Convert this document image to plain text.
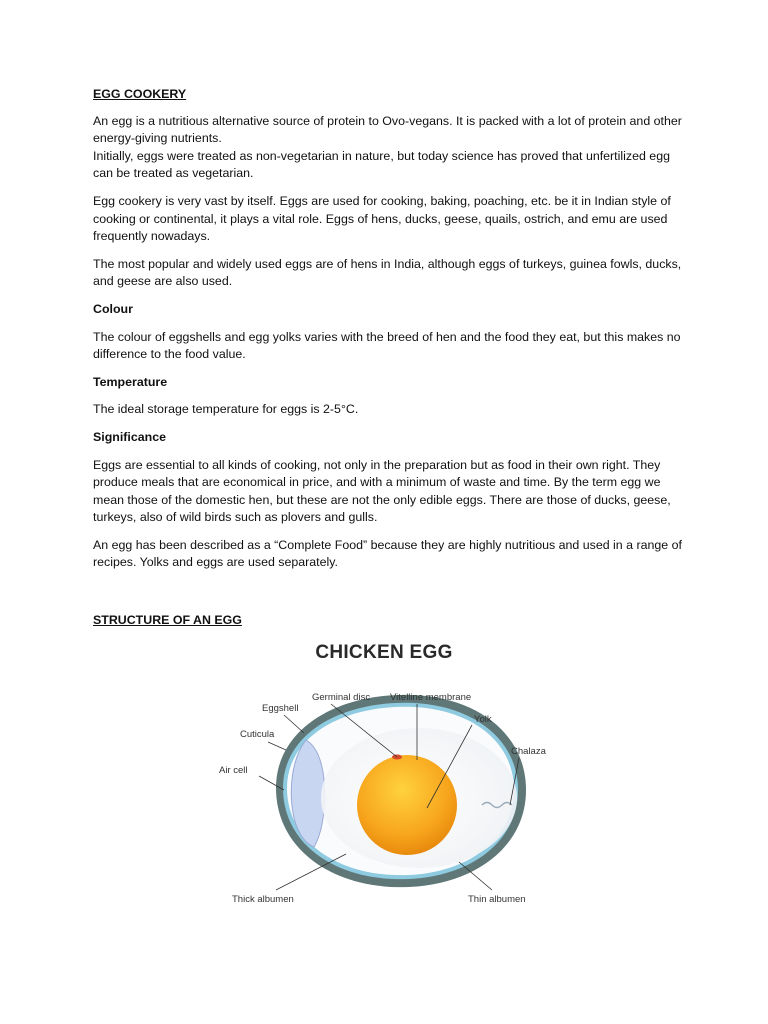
EGG COOKERY

An egg is a nutritious alternative source of protein to Ovo-vegans. It is packed with a lot of protein and other energy-giving nutrients.
Initially, eggs were treated as non-vegetarian in nature, but today science has proved that unfertilized egg can be treated as vegetarian.

Egg cookery is very vast by itself. Eggs are used for cooking, baking, poaching, etc. be it in Indian style of cooking or continental, it plays a vital role. Eggs of hens, ducks, geese, quails, ostrich, and emu are used frequently nowadays.

The most popular and widely used eggs are of hens in India, although eggs of turkeys, guinea fowls, ducks, and geese are also used.

Colour

The colour of eggshells and egg yolks varies with the breed of hen and the food they eat, but this makes no difference to the food value.

Temperature

The ideal storage temperature for eggs is 2-5°C.

Significance

Eggs are essential to all kinds of cooking, not only in the preparation but as food in their own right. They produce meals that are economical in price, and with a minimum of waste and time. By the term egg we mean those of the domestic hen, but these are not the only edible eggs. There are those of ducks, geese, turkeys, also of wild birds such as plovers and gulls.

An egg has been described as a “Complete Food” because they are highly nutritious and used in a range of recipes. Yolks and eggs are used separately.

STRUCTURE OF AN EGG
CHICKEN EGG
Germinal disc Vitelline membrane
Eggshell
Yolk
Cuticula
Chalaza
Air cell
Thick albumen	Thin albumen
